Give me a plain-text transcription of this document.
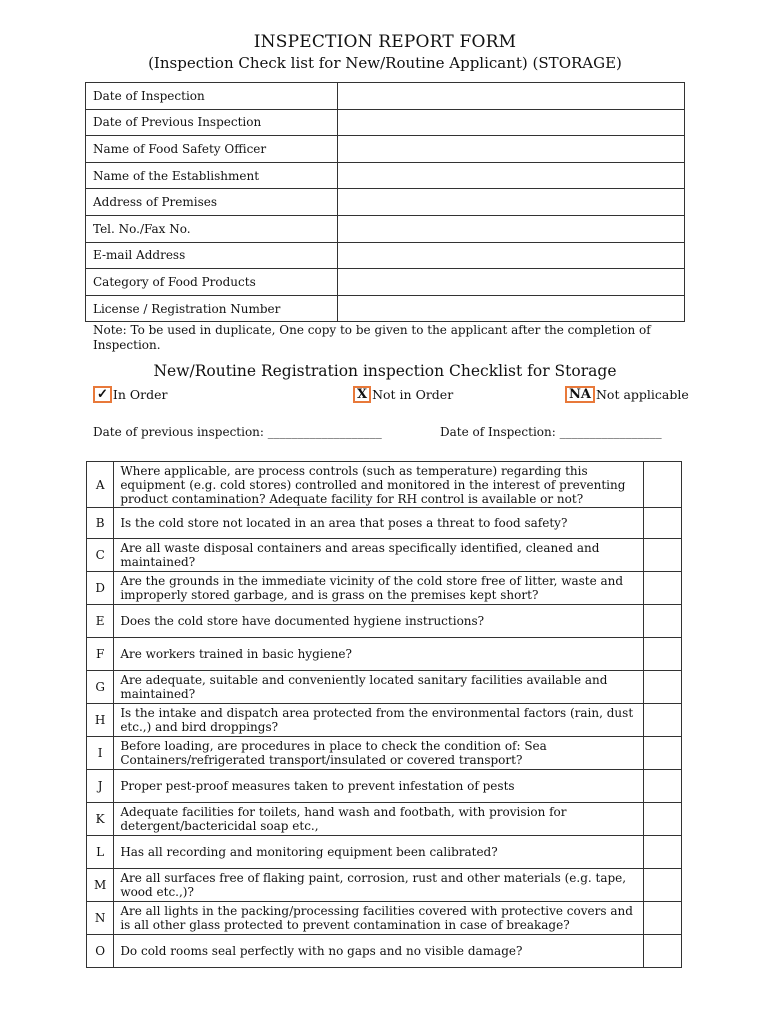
INSPECTION REPORT FORM
(Inspection Check list for New/Routine Applicant) (STORAGE)
Date of Inspection	
Date of Previous Inspection	
Name of Food Safety Officer	
Name of the Establishment	
Address of Premises	
Tel. No./Fax No.	
E-mail Address	
Category of Food Products	
License / Registration Number	
Note: To be used in duplicate, One copy to be given to the applicant after the completion of Inspection.
New/Routine Registration inspection Checklist for Storage
✓ In Order	X Not in Order	NA Not applicable
Date of previous inspection: ___________________	Date of Inspection: _________________
A	Where applicable, are process controls (such as temperature) regarding this equipment (e.g. cold stores) controlled and monitored in the interest of preventing product contamination? Adequate facility for RH control is available or not?	
B	Is the cold store not located in an area that poses a threat to food safety?	
C	Are all waste disposal containers and areas specifically identified, cleaned and maintained?	
D	Are the grounds in the immediate vicinity of the cold store free of litter, waste and improperly stored garbage, and is grass on the premises kept short?	
E	Does the cold store have documented hygiene instructions?	
F	Are workers trained in basic hygiene?	
G	Are adequate, suitable and conveniently located sanitary facilities available and maintained?	
H	Is the intake and dispatch area protected from the environmental factors (rain, dust etc.,) and bird droppings?	
I	Before loading, are procedures in place to check the condition of: Sea Containers/refrigerated transport/insulated or covered transport?	
J	Proper pest-proof measures taken to prevent infestation of pests	
K	Adequate facilities for toilets, hand wash and footbath, with provision for detergent/bactericidal soap etc.,	
L	Has all recording and monitoring equipment been calibrated?	
M	Are all surfaces free of flaking paint, corrosion, rust and other materials (e.g. tape, wood etc.,)?	
N	Are all lights in the packing/processing facilities covered with protective covers and is all other glass protected to prevent contamination in case of breakage?	
O	Do cold rooms seal perfectly with no gaps and no visible damage?	
